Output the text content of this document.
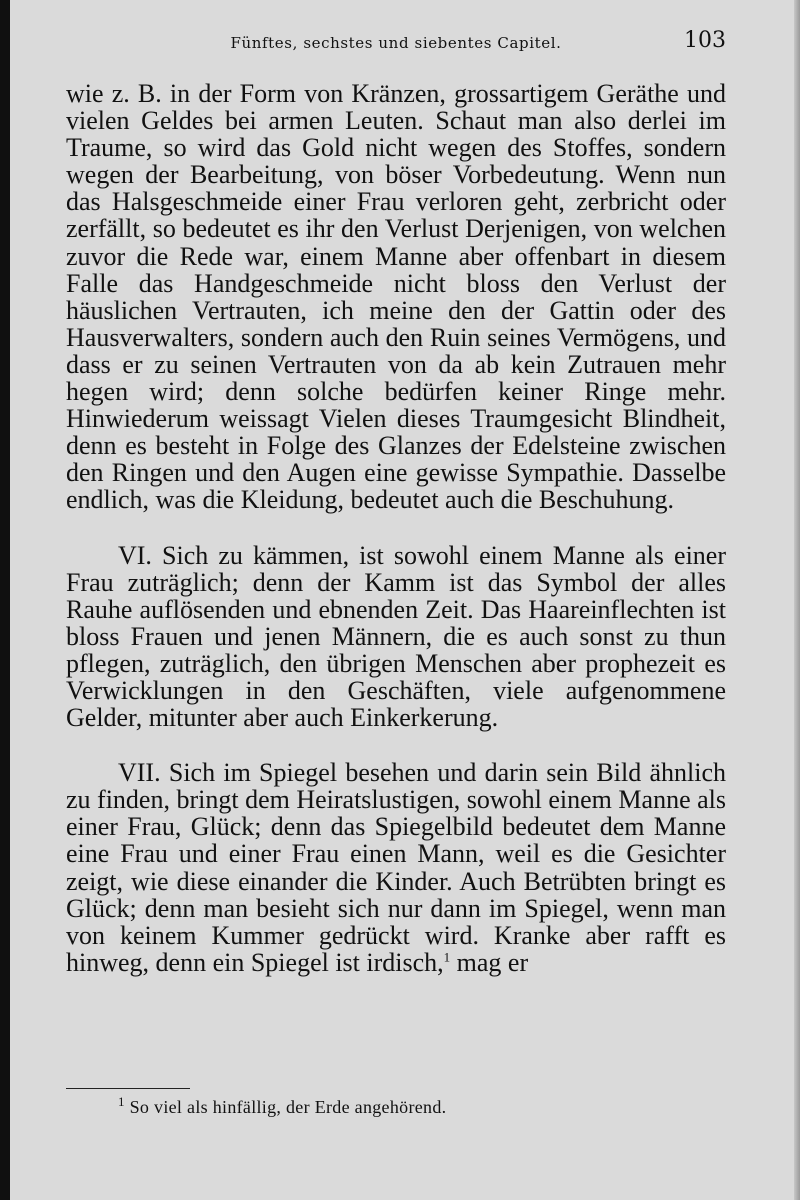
Fünftes, sechstes und siebentes Capitel.	103

wie z. B. in der Form von Kränzen, grossartigem Geräthe und vielen Geldes bei armen Leuten. Schaut man also derlei im Traume, so wird das Gold nicht wegen des Stoffes, sondern wegen der Bearbeitung, von böser Vorbedeutung. Wenn nun das Halsgeschmeide einer Frau verloren geht, zerbricht oder zerfällt, so bedeutet es ihr den Verlust Derjenigen, von welchen zuvor die Rede war, einem Manne aber offenbart in diesem Falle das Handgeschmeide nicht bloss den Verlust der häuslichen Vertrauten, ich meine den der Gattin oder des Hausverwalters, sondern auch den Ruin seines Vermögens, und dass er zu seinen Vertrauten von da ab kein Zutrauen mehr hegen wird; denn solche bedürfen keiner Ringe mehr. Hinwiederum weissagt Vielen dieses Traumgesicht Blindheit, denn es besteht in Folge des Glanzes der Edelsteine zwischen den Ringen und den Augen eine gewisse Sympathie. Dasselbe endlich, was die Kleidung, bedeutet auch die Beschuhung.

VI. Sich zu kämmen, ist sowohl einem Manne als einer Frau zuträglich; denn der Kamm ist das Symbol der alles Rauhe auflösenden und ebnenden Zeit. Das Haareinflechten ist bloss Frauen und jenen Männern, die es auch sonst zu thun pflegen, zuträglich, den übrigen Menschen aber prophezeit es Verwicklungen in den Geschäften, viele aufgenommene Gelder, mitunter aber auch Einkerkerung.

VII. Sich im Spiegel besehen und darin sein Bild ähnlich zu finden, bringt dem Heiratslustigen, sowohl einem Manne als einer Frau, Glück; denn das Spiegelbild bedeutet dem Manne eine Frau und einer Frau einen Mann, weil es die Gesichter zeigt, wie diese einander die Kinder. Auch Betrübten bringt es Glück; denn man besieht sich nur dann im Spiegel, wenn man von keinem Kummer gedrückt wird. Kranke aber rafft es hinweg, denn ein Spiegel ist irdisch,$^1$ mag er

$^1$ So viel als hinfällig, der Erde angehörend.
